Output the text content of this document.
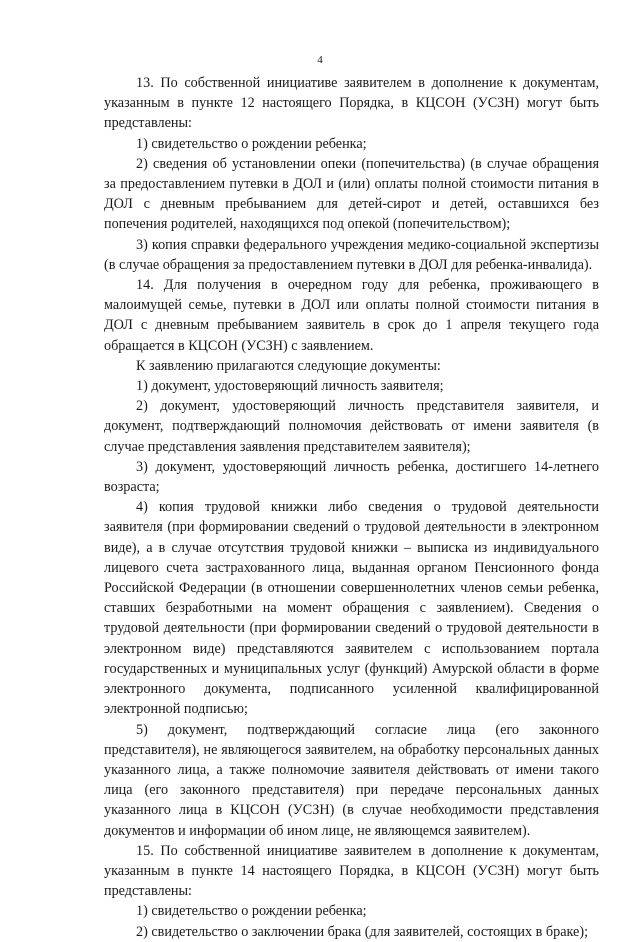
4

13. По собственной инициативе заявителем в дополнение к документам, указанным в пункте 12 настоящего Порядка, в КЦСОН (УСЗН) могут быть представлены:

1) свидетельство о рождении ребенка;

2) сведения об установлении опеки (попечительства) (в случае обращения за предоставлением путевки в ДОЛ и (или) оплаты полной стоимости питания в ДОЛ с дневным пребыванием для детей-сирот и детей, оставшихся без попечения родителей, находящихся под опекой (попечительством);

3) копия справки федерального учреждения медико-социальной экспертизы (в случае обращения за предоставлением путевки в ДОЛ для ребенка-инвалида).

14. Для получения в очередном году для ребенка, проживающего в малоимущей семье, путевки в ДОЛ или оплаты полной стоимости питания в ДОЛ с дневным пребыванием заявитель в срок до 1 апреля текущего года обращается в КЦСОН (УСЗН) с заявлением.

К заявлению прилагаются следующие документы:

1) документ, удостоверяющий личность заявителя;

2) документ, удостоверяющий личность представителя заявителя, и документ, подтверждающий полномочия действовать от имени заявителя (в случае представления заявления представителем заявителя);

3) документ, удостоверяющий личность ребенка, достигшего 14-летнего возраста;

4) копия трудовой книжки либо сведения о трудовой деятельности заявителя (при формировании сведений о трудовой деятельности в электронном виде), а в случае отсутствия трудовой книжки – выписка из индивидуального лицевого счета застрахованного лица, выданная органом Пенсионного фонда Российской Федерации (в отношении совершеннолетних членов семьи ребенка, ставших безработными на момент обращения с заявлением). Сведения о трудовой деятельности (при формировании сведений о трудовой деятельности в электронном виде) представляются заявителем с использованием портала государственных и муниципальных услуг (функций) Амурской области в форме электронного документа, подписанного усиленной квалифицированной электронной подписью;

5) документ, подтверждающий согласие лица (его законного представителя), не являющегося заявителем, на обработку персональных данных указанного лица, а также полномочие заявителя действовать от имени такого лица (его законного представителя) при передаче персональных данных указанного лица в КЦСОН (УСЗН) (в случае необходимости представления документов и информации об ином лице, не являющемся заявителем).

15. По собственной инициативе заявителем в дополнение к документам, указанным в пункте 14 настоящего Порядка, в КЦСОН (УСЗН) могут быть представлены:

1) свидетельство о рождении ребенка;

2) свидетельство о заключении брака (для заявителей, состоящих в браке);
